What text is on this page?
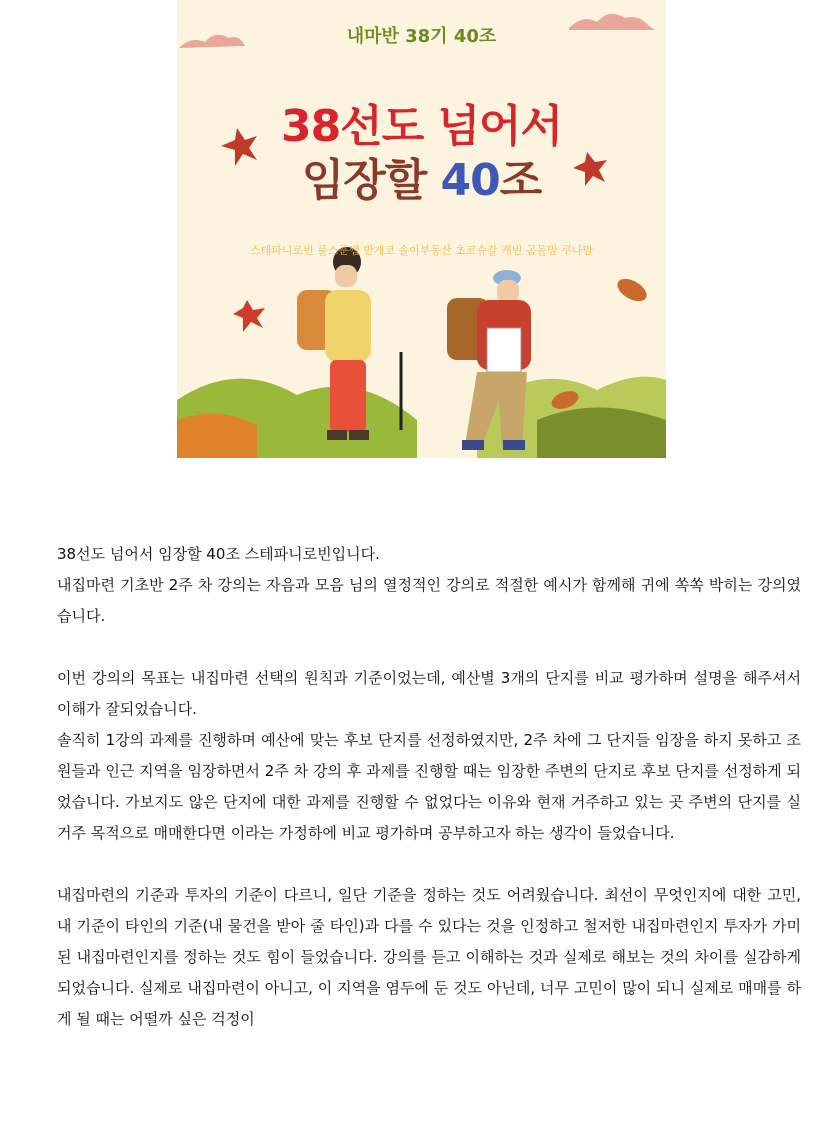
내마반 38기 40조
38선도 넘어서
임장할 40조
스테파니로빈 풀스푼쌤 반개코 솔이부동산 초코슈갈 캐빈 곰돌맘 쿠나맘

38선도 넘어서 임장할 40조 스테파니로빈입니다.

내집마련 기초반 2주 차 강의는 자음과 모음 님의 열정적인 강의로 적절한 예시가 함께해 귀에 쏙쏙 박히는 강의였습니다.

이번 강의의 목표는 내집마련 선택의 원칙과 기준이었는데, 예산별 3개의 단지를 비교 평가하며 설명을 해주셔서 이해가 잘되었습니다.

솔직히 1강의 과제를 진행하며 예산에 맞는 후보 단지를 선정하였지만, 2주 차에 그 단지들 임장을 하지 못하고 조원들과 인근 지역을 임장하면서 2주 차 강의 후 과제를 진행할 때는 임장한 주변의 단지로 후보 단지를 선정하게 되었습니다. 가보지도 않은 단지에 대한 과제를 진행할 수 없었다는 이유와 현재 거주하고 있는 곳 주변의 단지를 실거주 목적으로 매매한다면 이라는 가정하에 비교 평가하며 공부하고자 하는 생각이 들었습니다.

내집마련의 기준과 투자의 기준이 다르니, 일단 기준을 정하는 것도 어려웠습니다. 최선이 무엇인지에 대한 고민, 내 기준이 타인의 기준(내 물건을 받아 줄 타인)과 다를 수 있다는 것을 인정하고 철저한 내집마련인지 투자가 가미된 내집마련인지를 정하는 것도 힘이 들었습니다. 강의를 듣고 이해하는 것과 실제로 해보는 것의 차이를 실감하게 되었습니다. 실제로 내집마련이 아니고, 이 지역을 염두에 둔 것도 아닌데, 너무 고민이 많이 되니 실제로 매매를 하게 될 때는 어떨까 싶은 걱정이
